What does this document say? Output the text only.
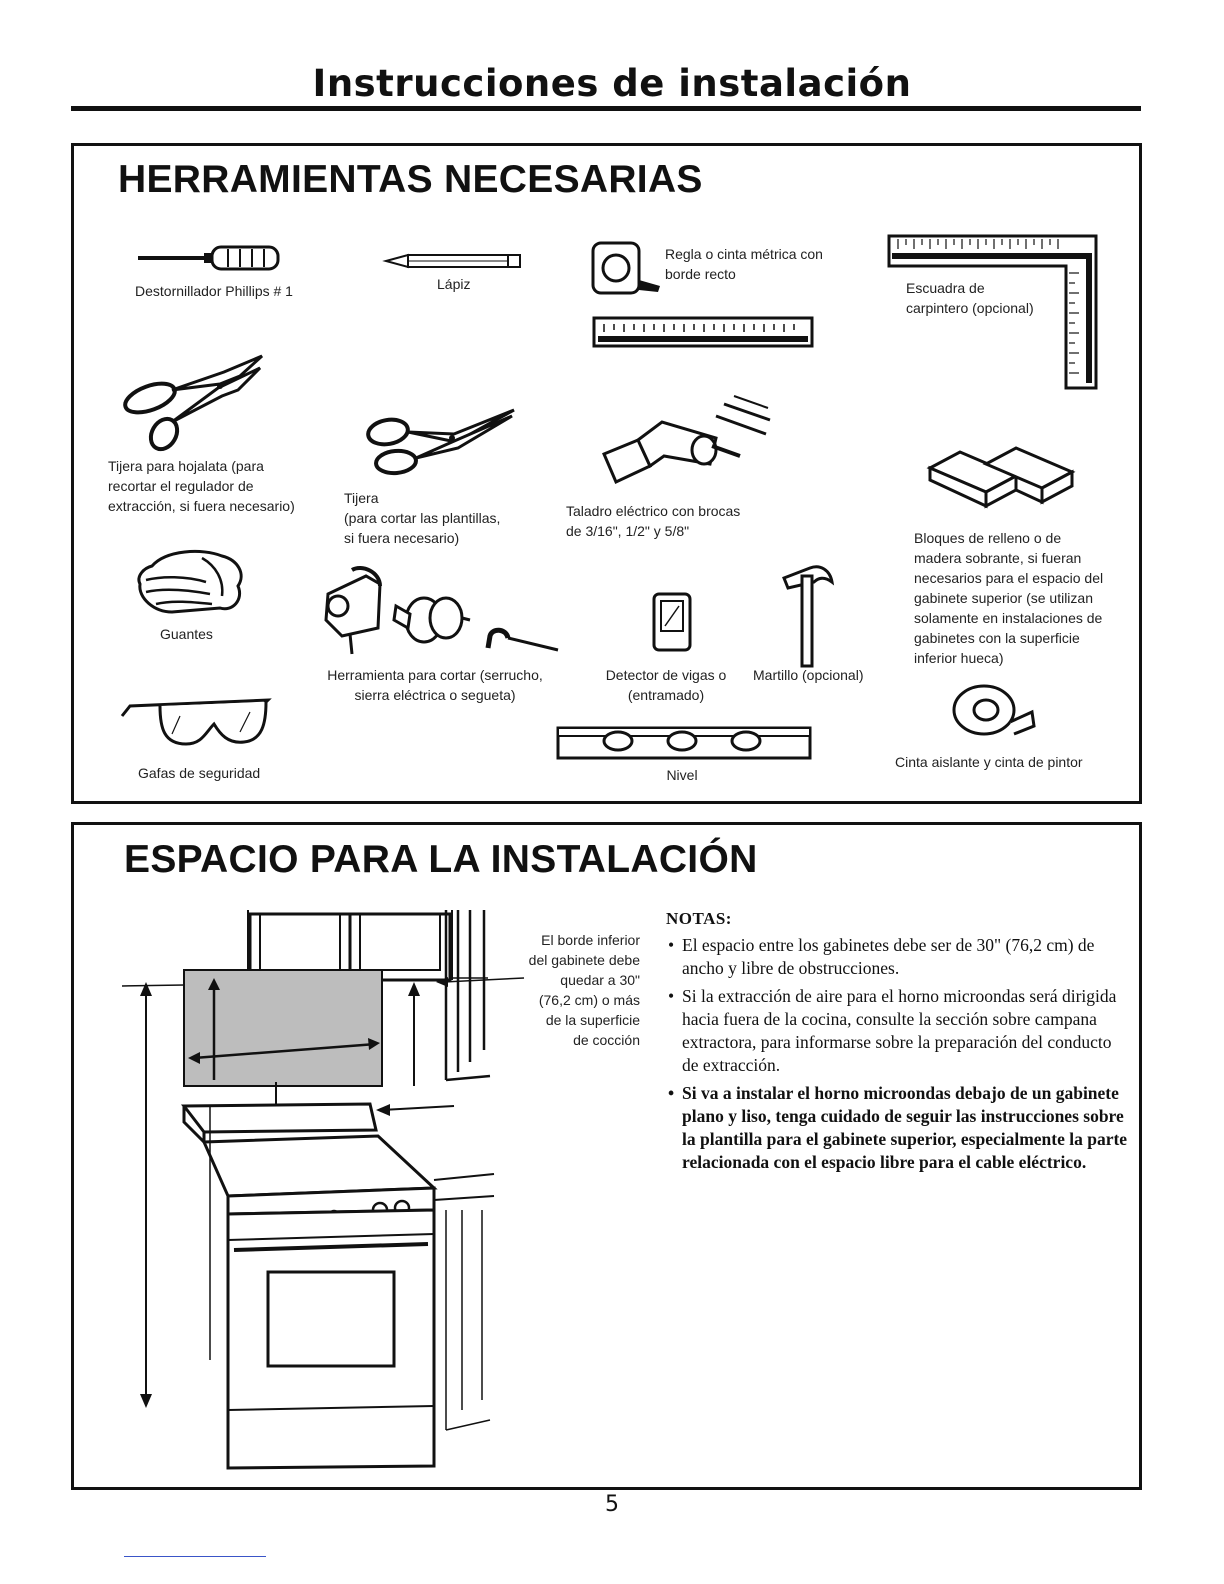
Instrucciones de instalación
HERRAMIENTAS NECESARIAS
Destornillador Phillips # 1	Lápiz
Regla o cinta métrica con
borde recto
Escuadra de
carpintero (opcional)
Tijera para hojalata (para
recortar el regulador de
extracción, si fuera necesario)	Tijera
(para cortar las plantillas,
si fuera necesario)
Taladro eléctrico con brocas
de 3/16", 1/2" y 5/8"	Bloques de relleno o de
madera sobrante, si fueran
necesarios para el espacio del
gabinete superior (se utilizan
solamente en instalaciones de
gabinetes con la superficie
inferior hueca)
Guantes
Herramienta para cortar (serrucho,
sierra eléctrica o segueta)
Detector de vigas o
(entramado)
Martillo (opcional)
Gafas de seguridad	Nivel
Cinta aislante y cinta de pintor
ESPACIO PARA LA INSTALACIÓN
El borde inferior
del gabinete debe
quedar a 30"
(76,2 cm) o más
de la superficie
de cocción
NOTAS:
• El espacio entre los gabinetes debe ser de 30" (76,2 cm) de ancho y libre de obstrucciones.
• Si la extracción de aire para el horno microondas será dirigida hacia fuera de la cocina, consulte la sección sobre campana extractora, para informarse sobre la preparación del conducto de extracción.
• Si va a instalar el horno microondas debajo de un gabinete plano y liso, tenga cuidado de seguir las instrucciones sobre la plantilla para el gabinete superior, especialmente la parte relacionada con el espacio libre para el cable eléctrico.
5
